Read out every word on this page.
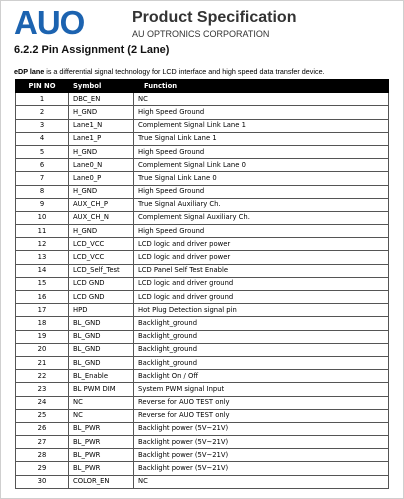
AUO	Product Specification
AU OPTRONICS CORPORATION
6.2.2 Pin Assignment (2 Lane)
eDP lane is a differential signal technology for LCD interface and high speed data transfer device.
PIN NO	Symbol	Function
1	DBC_EN	NC
2	H_GND	High Speed Ground
3	Lane1_N	Complement Signal Link Lane 1
4	Lane1_P	True Signal Link Lane 1
5	H_GND	High Speed Ground
6	Lane0_N	Complement Signal Link Lane 0
7	Lane0_P	True Signal Link Lane 0
8	H_GND	High Speed Ground
9	AUX_CH_P	True Signal Auxiliary Ch.
10	AUX_CH_N	Complement Signal Auxiliary Ch.
11	H_GND	High Speed Ground
12	LCD_VCC	LCD logic and driver power
13	LCD_VCC	LCD logic and driver power
14	LCD_Self_Test	LCD Panel Self Test Enable
15	LCD GND	LCD logic and driver ground
16	LCD GND	LCD logic and driver ground
17	HPD	Hot Plug Detection signal pin
18	BL_GND	Backlight_ground
19	BL_GND	Backlight_ground
20	BL_GND	Backlight_ground
21	BL_GND	Backlight_ground
22	BL_Enable	Backlight On / Off
23	BL PWM DIM	System PWM signal Input
24	NC	Reverse for AUO TEST only
25	NC	Reverse for AUO TEST only
26	BL_PWR	Backlight power (5V~21V)
27	BL_PWR	Backlight power (5V~21V)
28	BL_PWR	Backlight power (5V~21V)
29	BL_PWR	Backlight power (5V~21V)
30	COLOR_EN	NC
